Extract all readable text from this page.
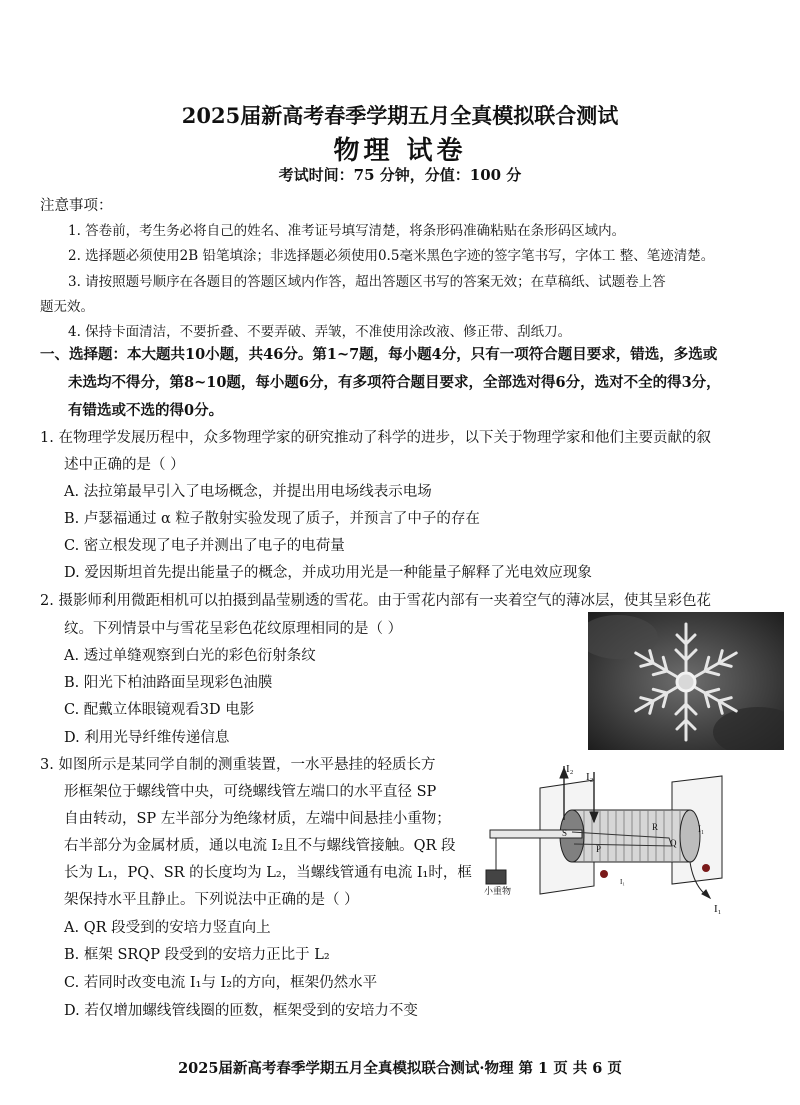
2025届新高考春季学期五月全真模拟联合测试
物理 试卷
考试时间：75 分钟，分值：100 分
注意事项：
1. 答卷前，考生务必将自己的姓名、准考证号填写清楚，将条形码准确粘贴在条形码区域内。
2. 选择题必须使用2B 铅笔填涂；非选择题必须使用0.5毫米黑色字迹的签字笔书写，字体工 整、笔迹清楚。
3. 请按照题号顺序在各题目的答题区域内作答，超出答题区书写的答案无效；在草稿纸、试题卷上答
题无效。
4. 保持卡面清洁，不要折叠、不要弄破、弄皱，不准使用涂改液、修正带、刮纸刀。
一、选择题：本大题共10小题，共46分。第1~7题，每小题4分，只有一项符合题目要求，错选，多选或
未选均不得分，第8~10题，每小题6分，有多项符合题目要求，全部选对得6分，选对不全的得3分，
有错选或不选的得0分。
1. 在物理学发展历程中，众多物理学家的研究推动了科学的进步，以下关于物理学家和他们主要贡献的叙
述中正确的是（ ）
A. 法拉第最早引入了电场概念，并提出用电场线表示电场
B. 卢瑟福通过 α 粒子散射实验发现了质子，并预言了中子的存在
C. 密立根发现了电子并测出了电子的电荷量
D. 爱因斯坦首先提出能量子的概念，并成功用光是一种能量子解释了光电效应现象
2. 摄影师利用微距相机可以拍摄到晶莹剔透的雪花。由于雪花内部有一夹着空气的薄冰层，使其呈彩色花
纹。下列情景中与雪花呈彩色花纹原理相同的是（ ）
A. 透过单缝观察到白光的彩色衍射条纹
B. 阳光下柏油路面呈现彩色油膜
C. 配戴立体眼镜观看3D 电影
D. 利用光导纤维传递信息
3. 如图所示是某同学自制的测重装置，一水平悬挂的轻质长方
形框架位于螺线管中央，可绕螺线管左端口的水平直径 SP
自由转动，SP 左半部分为绝缘材质，左端中间悬挂小重物；
右半部分为金属材质，通以电流 I₂且不与螺线管接触。QR 段
长为 L₁，PQ、SR 的长度均为 L₂，当螺线管通有电流 I₁时，框
架保持水平且静止。下列说法中正确的是（ ）
A. QR 段受到的安培力竖直向上
B. 框架 SRQP 段受到的安培力正比于 L₂
C. 若同时改变电流 I₁与 I₂的方向，框架仍然水平
D. 若仅增加螺线管线圈的匝数，框架受到的安培力不变
I₂
I₂
S
P
R
Q
I₁
I₁
I₁
小重物
2025届新高考春季学期五月全真模拟联合测试·物理 第 1 页 共 6 页
